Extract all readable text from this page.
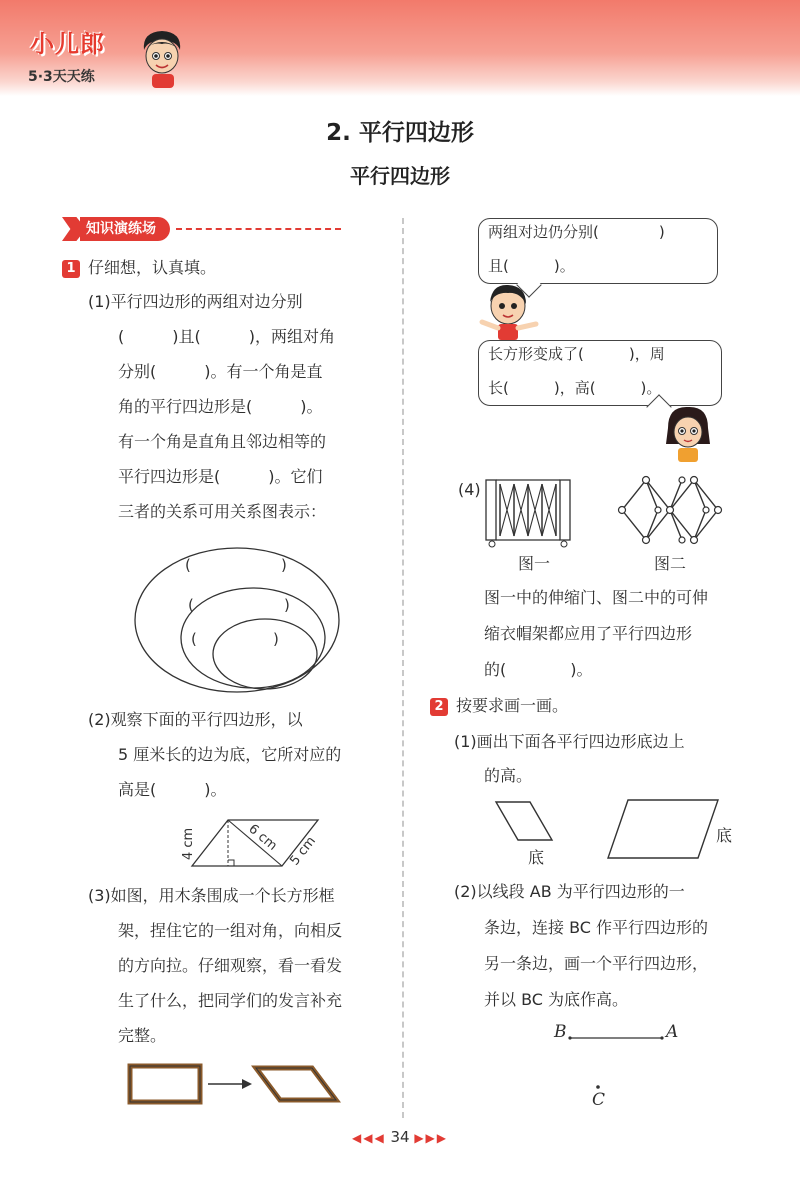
小儿郎
5·3天天练
2. 平行四边形
平行四边形
知识演练场
1 仔细想，认真填。
(1)平行四边形的两组对边分别
(　　　)且(　　　)，两组对角
分别(　　　)。有一个角是直
角的平行四边形是(　　　)。
有一个角是直角且邻边相等的
平行四边形是(　　　)。它们
三者的关系可用关系图表示：
(	)
(	)
(	)
(2)观察下面的平行四边形，以
5 厘米长的边为底，它所对应的
高是(　　　)。
4 cm	6 cm 5 cm
(3)如图，用木条围成一个长方形框
架，捏住它的一组对角，向相反
的方向拉。仔细观察，看一看发
生了什么，把同学们的发言补充
完整。
两组对边仍分别(　　　　)
且(　　　)。
长方形变成了(　　　)，周
长(　　　)，高(　　　)。
(4)
图一	图二
图一中的伸缩门、图二中的可伸
缩衣帽架都应用了平行四边形
的(　　　　)。
2 按要求画一画。
(1)画出下面各平行四边形底边上
的高。
底
底
(2)以线段 AB 为平行四边形的一
条边，连接 BC 作平行四边形的
另一条边，画一个平行四边形，
并以 BC 为底作高。
B	A
C
◀◀◀ 34 ▶▶▶
